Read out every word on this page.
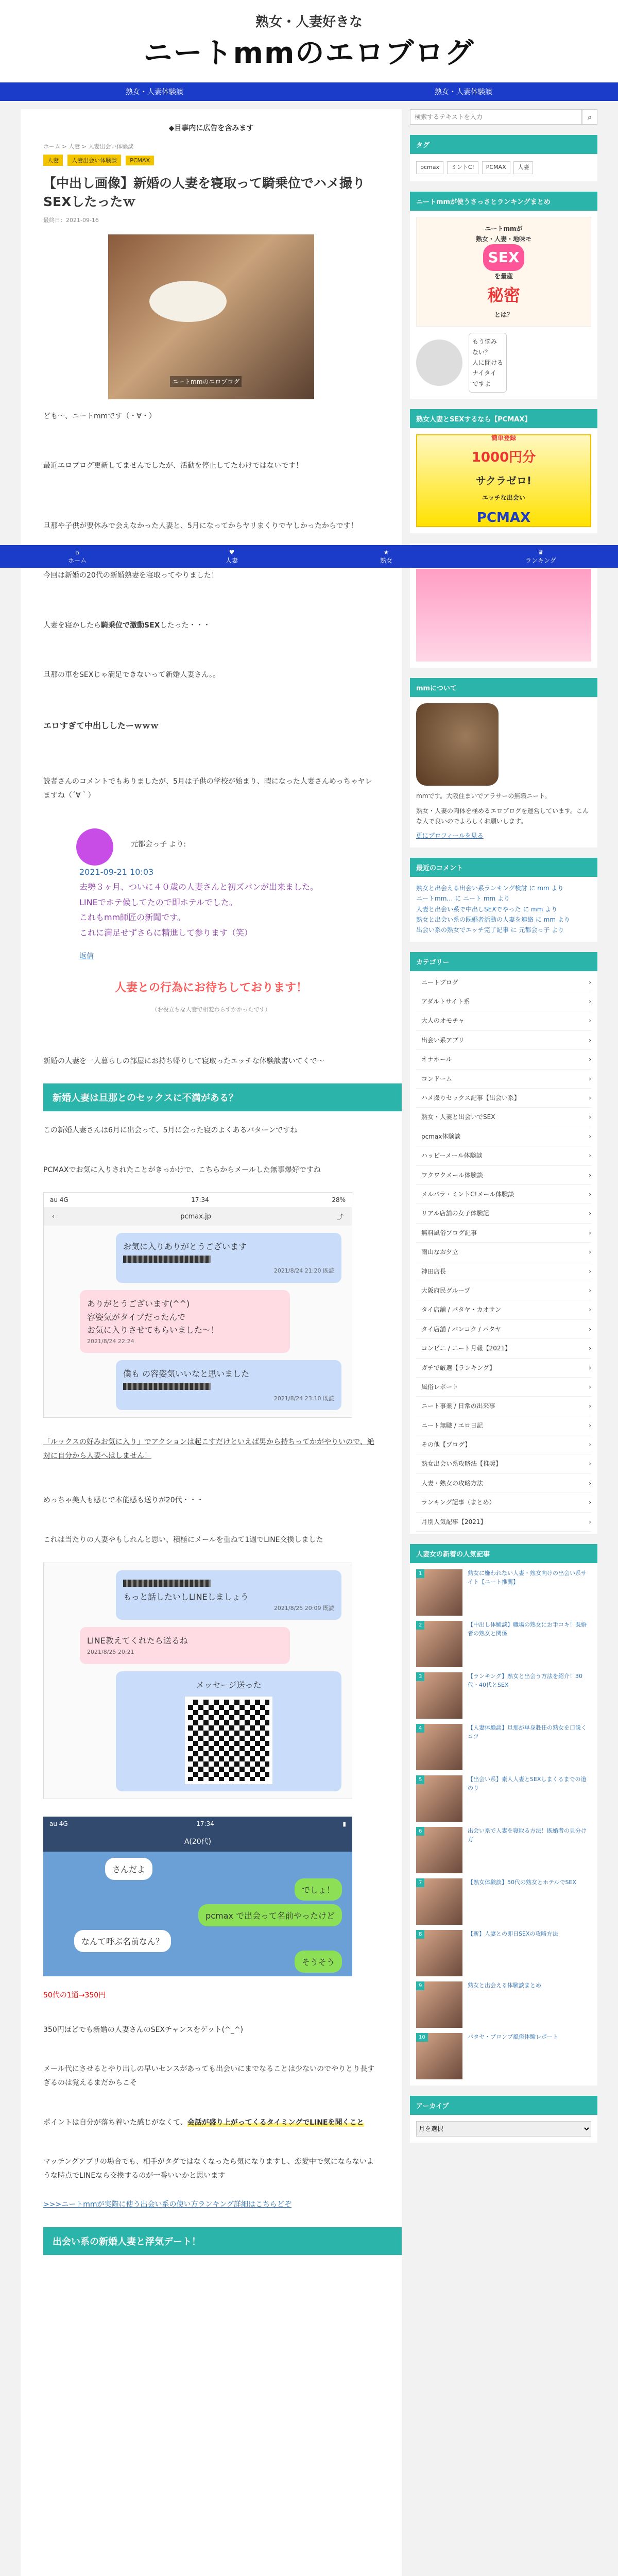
熟女・人妻好きな
ニートmmのエロブログ
熟女・人妻体験談	熟女・人妻体験談
◆目事内に広告を含みます
ホーム > 人妻 > 人妻出会い体験談
人妻 人妻出会い体験談 PCMAX
【中出し画像】新婚の人妻を寝取って騎乗位でハメ撮りSEXしたったｗ
最終日：2021-09-16
ニートmmのエロブログ

ども〜、ニートmmです（・∀・）

最近エロブログ更新してませんでしたが、活動を停止してたわけではないです！

旦那や子供が要休みで会えなかった人妻と、5月になってからヤリまくりでヤしかったからです！

今回は新婚の20代の新婚熟妻を寝取ってやりました！

人妻を寝かしたら騎乗位で激動SEXしたった・・・

旦那の車をSEXじゃ満足できないって新婚人妻さん。。

エロすぎて中出ししたーｗｗｗ

読者さんのコメントでもありましたが、5月は子供の学校が始まり、暇になった人妻さんめっちゃヤレますね（´∀｀）

元都会っ子 より:
2021-09-21 10:03
去勢３ヶ月、ついに４０歳の人妻さんと初ズパンが出来ました。
LINEでホテ候してたので即ホテルでした。
これもmm師匠の新聞です。
これに満足せずさらに精進して参ります（笑）
返信
人妻との行為にお待ちしております！
（お役立ちな人妻で相変わらずかかったです）

新婚の人妻を一人暮らしの部屋にお持ち帰りして寝取ったエッチな体験談書いてくで〜

新婚人妻は旦那とのセックスに不満がある？

この新婚人妻さんは6月に出会って、5月に会った寝のよくあるパターンですね

PCMAXでお気に入りされたことがきっかけで、こちらからメールした無事爆好ですね

au 4G	17:34	28%
‹	pcmax.jp	⤴
お気に入りありがとうございます
2021/8/24 21:20 既読
ありがとうございます(^^)
容姿気がタイプだったんで
お気に入りさせてもらいました〜！
2021/8/24 22:24
僕も の容姿気いいなと思いました
2021/8/24 23:10 既読

「ルックスの好みお気に入り」でアクションは起こすだけといえば男から持ちってかがやりいので、絶対に自分から人妻へはしません！

めっちゃ美人も感じで本能感も送りが20代・・・

これは当たりの人妻やもしれんと思い、積極にメールを重ねて1週でLINE交換しました

もっと話したいしLINEしましょう
2021/8/25 20:09 既読
LINE教えてくれたら送るね
2021/8/25 20:21
メッセージ送った
au 4G	17:34	▮
A(20代)
さんだよ
でしょ！
pcmax で出会って名前やったけど
なんて呼ぶ名前なん？
そうそう

50代の1通→350円

350円ほどでも新婚の人妻さんのSEXチャンスをゲット(^_^)

メール代にさせるとやり出しの早いセンスがあっても出会いにまでなることは少ないのでやりとり長すぎるのは覚えるまだからこそ

ポイントは自分が落ち着いた感じがなくて、会話が盛り上がってくるタイミングでLINEを聞くこと

マッチングアプリの場合でも、相手がタダではなくなったら気になりますし、恋愛中で気にならないような時点でLINEなら交換するのが一番いいかと思います

>>>ニートmmが実際に使う出会い系の使い方ランキング詳細はこちらどぞ

出会い系の新婚人妻と浮気デート！
検索するテキストを入力
⌕
タグ
pcmax ミントC! PCMAX 人妻
ニートmmが使うさっさとランキングまとめ
ニートmmが
熟女・人妻・地味モ
SEX
を量産
秘密
とは？
もう悩み
ない？
人に聞ける
ナイタイ
ですよ
熟女人妻とSEXするなら【PCMAX】
簡単登録
1000円分
サクラゼロ!
エッチな出会い
PCMAX
mmについて
mmです。大阪住まいでアラサーの無職ニート。
熟女・人妻の肉体を極めるエロブログを運営しています。こんな人で良いのでよろしくお願いします。
更にプロフィールを見る
最近のコメント
熟女と出会える出会い系ランキング検討 に mm より
ニートmm… に ニート mm より
人妻と出会い系で中出しSEXでやった に mm より
熟女と出会い系の既婚者活動の人妻を連絡 に mm より
出会い系の熟女でエッチ完了記事 に 元都会っ子 より
カテゴリー
ニートブログ	›
アダルトサイト系	›
大人のオモチャ	›
出会い系アプリ	›
オナホール	›
コンドーム	›
ハメ撮りセックス記事【出会い系】	›
熟女・人妻と出会いでSEX	›
pcmax体験談	›
ハッピーメール体験談	›
ワクワクメール体験談	›
メルパラ・ミントC!メール体験談	›
リアル店舗の女子体験記	›
無料風俗ブログ記事	›
雨山なお夕立	›
神田店長	›
大阪府民グループ	›
タイ店舗 / パタヤ・カオサン	›
タイ店舗 / バンコク / パタヤ	›
コンビニ / ニート月報【2021】	›
ガチで厳選【ランキング】	›
風俗レポート	›
ニート事業 / 日常の出来事	›
ニート無職 / エロ日記	›
その他【ブログ】	›
熟女出会い系攻略法【推奨】	›
人妻・熟女の攻略方法	›
ランキング記事（まとめ）	›
月別人気記事【2021】	›
人妻女の新着の人気記事
1	熟女に嫌われない人妻・熟女向けの出会い系サイト【ニート推薦】
2	【中出し体験談】職場の熟女にお手コキ！既婚者の熟女と関係
3	【ランキング】熟女と出会う方法を紹介！30代・40代とSEX
4	【人妻体験談】旦那が単身赴任の熟女を口説くコツ
5	【出会い系】素人人妻とSEXしまくるまでの道のり
6	出会い系で人妻を寝取る方法！既婚者の見分け方
7	【熟女体験談】50代の熟女とホテルでSEX
8	【新】人妻との即日SEXの攻略方法
9	熟女と出会える体験談まとめ
10	パタヤ・プロンプ風俗体験レポート
アーカイブ
月を選択
⌂
ホーム
♥
人妻
★
熟女
♛
ランキング
